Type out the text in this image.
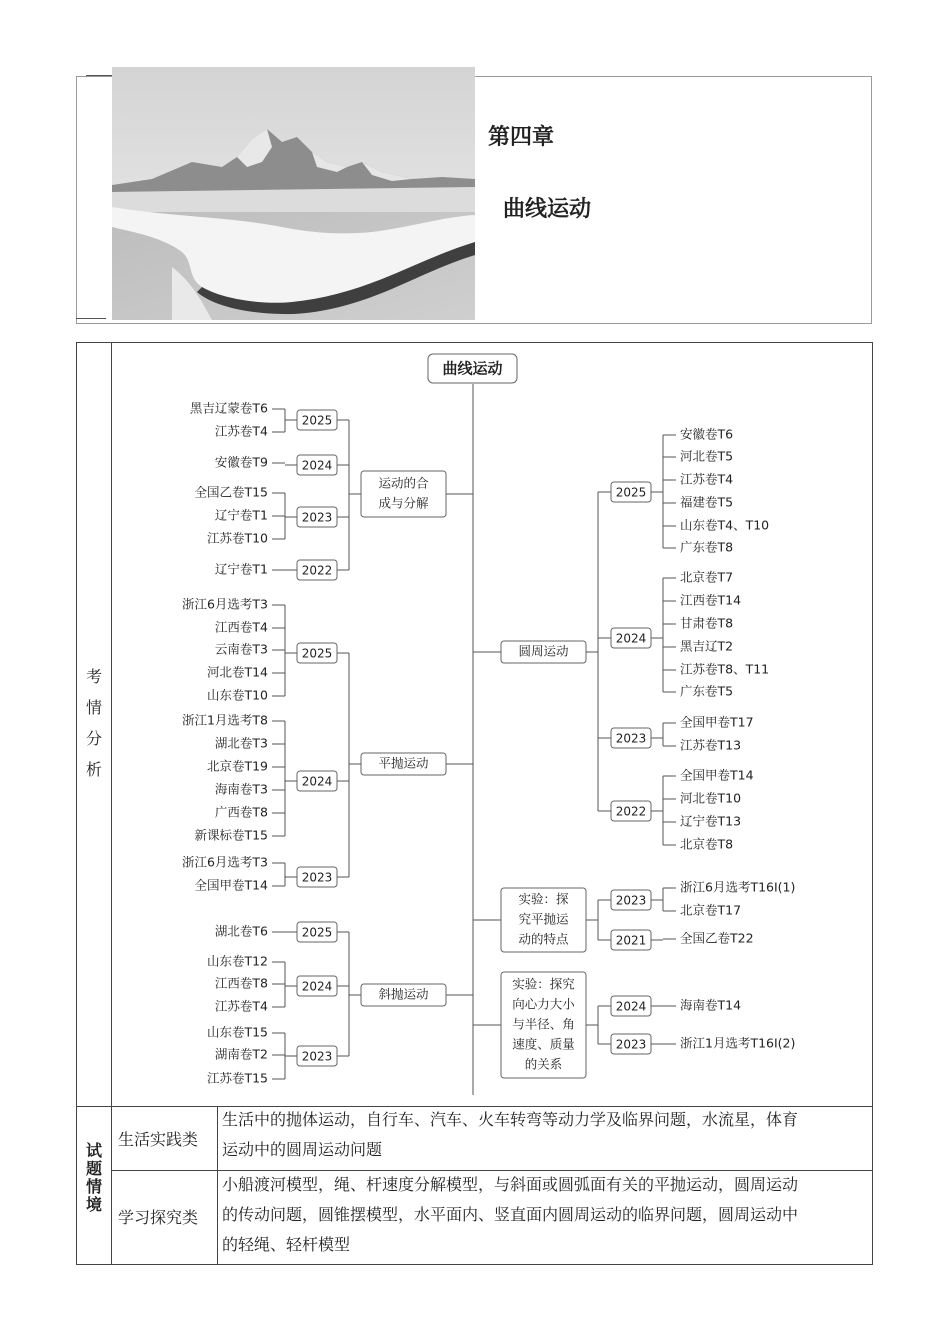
第四章
曲线运动
考
情
分
析
试
题
情
境
生活实践类
生活中的抛体运动，自行车、汽车、火车转弯等动力学及临界问题，水流星，体育
运动中的圆周运动问题
学习探究类
小船渡河模型，绳、杆速度分解模型，与斜面或圆弧面有关的平抛运动，圆周运动
的传动问题，圆锥摆模型，水平面内、竖直面内圆周运动的临界问题，圆周运动中
的轻绳、轻杆模型
曲线运动
运动的合
成与分解
2025
黑吉辽蒙卷T6
江苏卷T4
2024
安徽卷T9
2023
全国乙卷T15
辽宁卷T1
江苏卷T10
2022
辽宁卷T1
平抛运动
2025
浙江6月选考T3
江西卷T4
云南卷T3
河北卷T14
山东卷T10
2024
浙江1月选考T8
湖北卷T3
北京卷T19
海南卷T3
广西卷T8
新课标卷T15
2023
浙江6月选考T3
全国甲卷T14
斜抛运动
2025
湖北卷T6
2024
山东卷T12
江西卷T8
江苏卷T4
2023
山东卷T15
湖南卷T2
江苏卷T15
圆周运动
2025
安徽卷T6
河北卷T5
江苏卷T4
福建卷T5
山东卷T4、T10
广东卷T8
2024
北京卷T7
江西卷T14
甘肃卷T8
黑吉辽T2
江苏卷T8、T11
广东卷T5
2023
全国甲卷T17
江苏卷T13
2022
全国甲卷T14
河北卷T10
辽宁卷T13
北京卷T8
实验：探
究平抛运
动的特点
2023
浙江6月选考T16Ⅰ(1)
北京卷T17
2021	全国乙卷T22
实验：探究
向心力大小
与半径、角
速度、质量
的关系
2024	海南卷T14
2023	浙江1月选考T16Ⅰ(2)
